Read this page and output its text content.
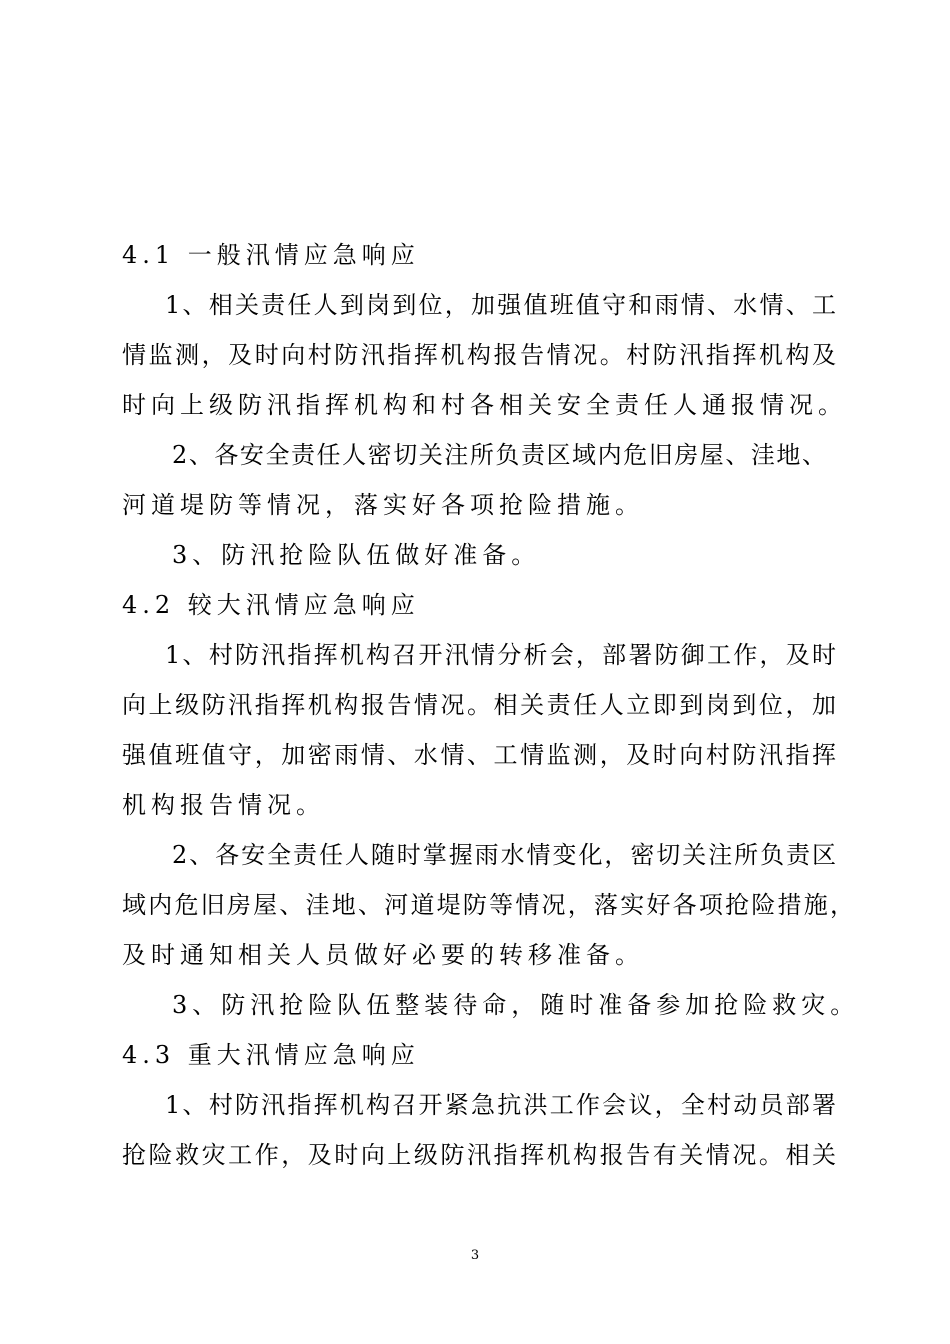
4.1 一般汛情应急响应
1、相关责任人到岗到位，加强值班值守和雨情、水情、工
情监测，及时向村防汛指挥机构报告情况。村防汛指挥机构及
时向上级防汛指挥机构和村各相关安全责任人通报情况。
2、各安全责任人密切关注所负责区域内危旧房屋、洼地、
河道堤防等情况，落实好各项抢险措施。
3、防汛抢险队伍做好准备。
4.2 较大汛情应急响应
1、村防汛指挥机构召开汛情分析会，部署防御工作，及时
向上级防汛指挥机构报告情况。相关责任人立即到岗到位，加
强值班值守，加密雨情、水情、工情监测，及时向村防汛指挥
机构报告情况。
2、各安全责任人随时掌握雨水情变化，密切关注所负责区
域内危旧房屋、洼地、河道堤防等情况，落实好各项抢险措施，
及时通知相关人员做好必要的转移准备。
3、防汛抢险队伍整装待命，随时准备参加抢险救灾。
4.3 重大汛情应急响应
1、村防汛指挥机构召开紧急抗洪工作会议，全村动员部署
抢险救灾工作，及时向上级防汛指挥机构报告有关情况。相关
3
